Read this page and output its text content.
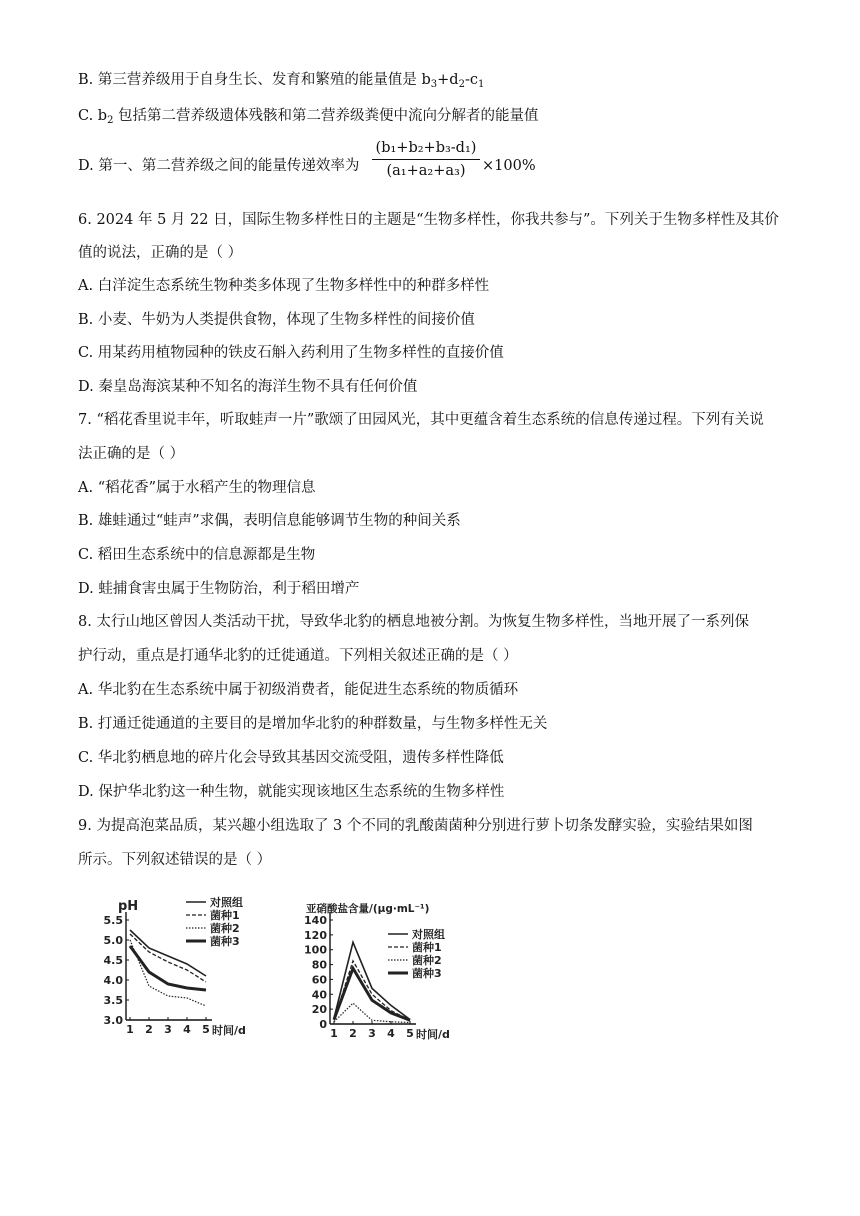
B. 第三营养级用于自身生长、发育和繁殖的能量值是 $b_3+d_2-c_1$
C. $b_2$ 包括第二营养级遗体残骸和第二营养级粪便中流向分解者的能量值
D. 第一、第二营养级之间的能量传递效率为
(b₁+b₂+b₃-d₁)
(a₁+a₂+a₃)	×100%
6. 2024 年 5 月 22 日，国际生物多样性日的主题是“生物多样性，你我共参与”。下列关于生物多样性及其价
值的说法，正确的是（ ）
A. 白洋淀生态系统生物种类多体现了生物多样性中的种群多样性
B. 小麦、牛奶为人类提供食物，体现了生物多样性的间接价值
C. 用某药用植物园种的铁皮石斛入药利用了生物多样性的直接价值
D. 秦皇岛海滨某种不知名的海洋生物不具有任何价值
7. “稻花香里说丰年，听取蛙声一片”歌颂了田园风光，其中更蕴含着生态系统的信息传递过程。下列有关说
法正确的是（ ）
A. “稻花香”属于水稻产生的物理信息
B. 雄蛙通过“蛙声”求偶，表明信息能够调节生物的种间关系
C. 稻田生态系统中的信息源都是生物
D. 蛙捕食害虫属于生物防治，利于稻田增产
8. 太行山地区曾因人类活动干扰，导致华北豹的栖息地被分割。为恢复生物多样性，当地开展了一系列保
护行动，重点是打通华北豹的迁徙通道。下列相关叙述正确的是（ ）
A. 华北豹在生态系统中属于初级消费者，能促进生态系统的物质循环
B. 打通迁徙通道的主要目的是增加华北豹的种群数量，与生物多样性无关
C. 华北豹栖息地的碎片化会导致其基因交流受阻，遗传多样性降低
D. 保护华北豹这一种生物，就能实现该地区生态系统的生物多样性
9. 为提高泡菜品质，某兴趣小组选取了 3 个不同的乳酸菌菌种分别进行萝卜切条发酵实验，实验结果如图
所示。下列叙述错误的是（ ）
3.0
3.5
4.0
4.5
5.0
5.5
1 2 3 4 5 时间/d
pH	对照组
菌种1
菌种2
菌种3
0
20
40
60
80
100
120
140
1 2 3 4 5 时间/d
亚硝酸盐含量/(μg·mL⁻¹)
对照组
菌种1
菌种2
菌种3
